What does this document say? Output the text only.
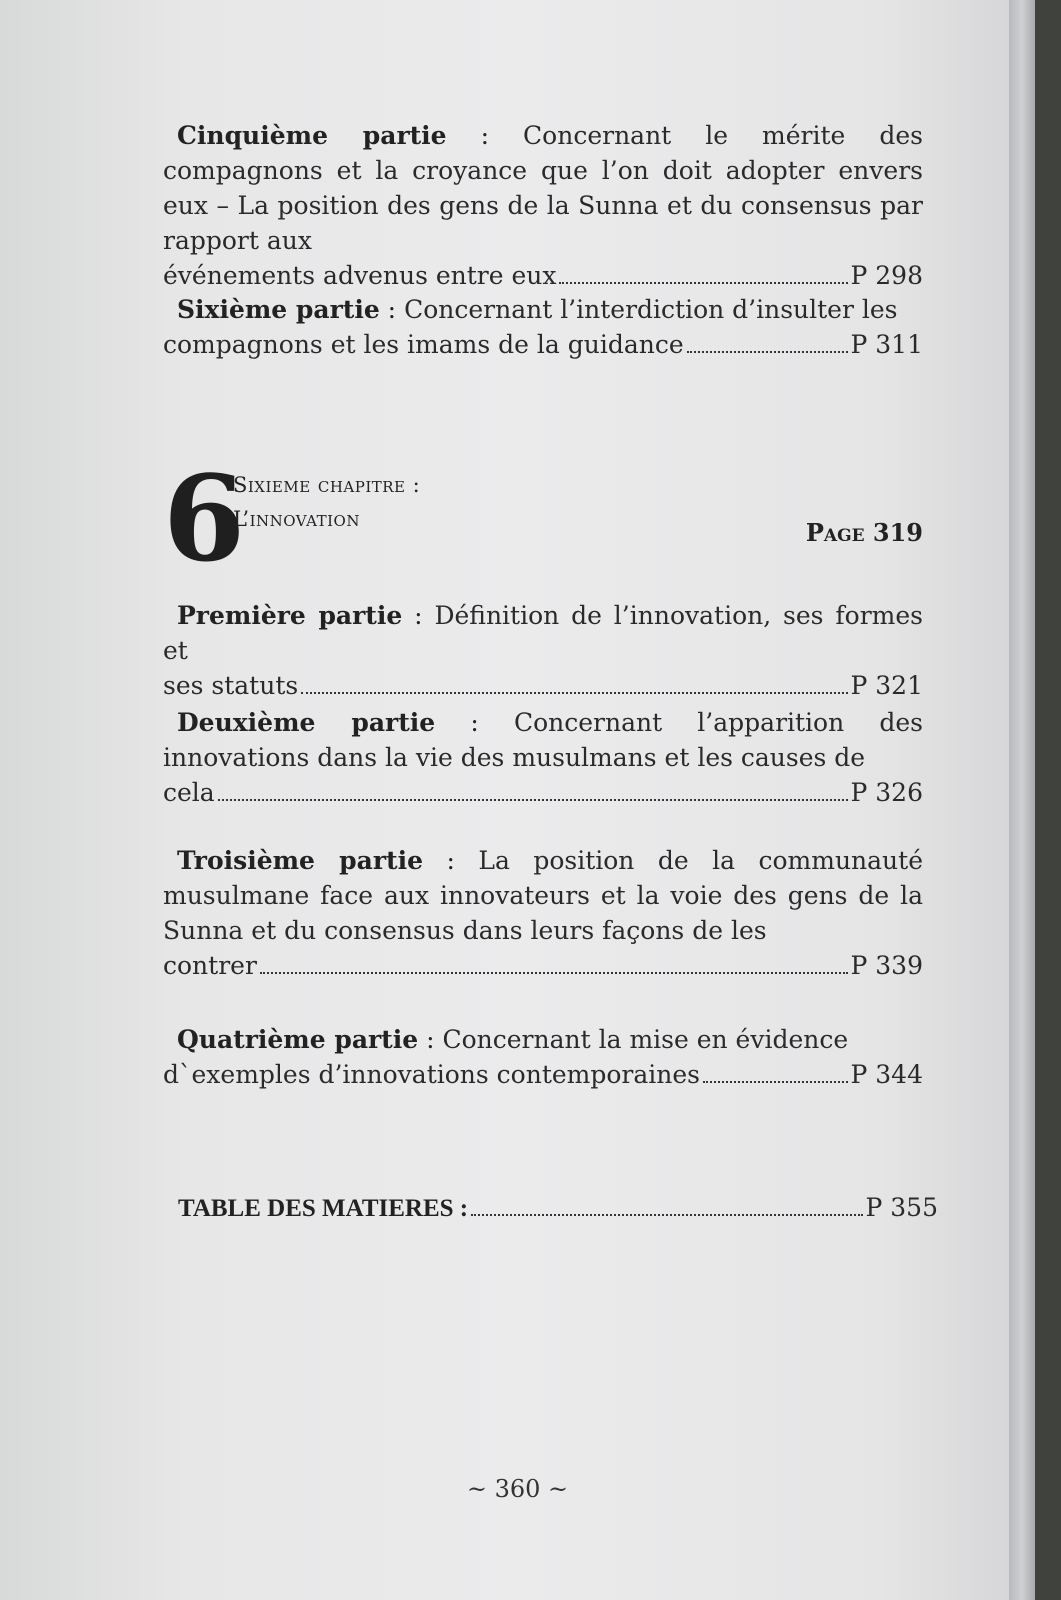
Cinquième partie : Concernant le mérite des compagnons et la croyance que l’on doit adopter envers eux – La position des gens de la Sunna et du consensus par rapport aux
événements advenus entre eux	P 298
Sixième partie : Concernant l’interdiction d’insulter les
compagnons et les imams de la guidance	P 311
6
Sixieme chapitre :
L’innovation	Page 319
Première partie : Définition de l’innovation, ses formes et
ses statuts	P 321
Deuxième partie : Concernant l’apparition des innovations dans la vie des musulmans et les causes de
cela	P 326
Troisième partie : La position de la communauté musulmane face aux innovateurs et la voie des gens de la Sunna et du consensus dans leurs façons de les
contrer	P 339
Quatrième partie : Concernant la mise en évidence
d`exemples d’innovations contemporaines	P 344
TABLE DES MATIERES :	P 355
~ 360 ~
